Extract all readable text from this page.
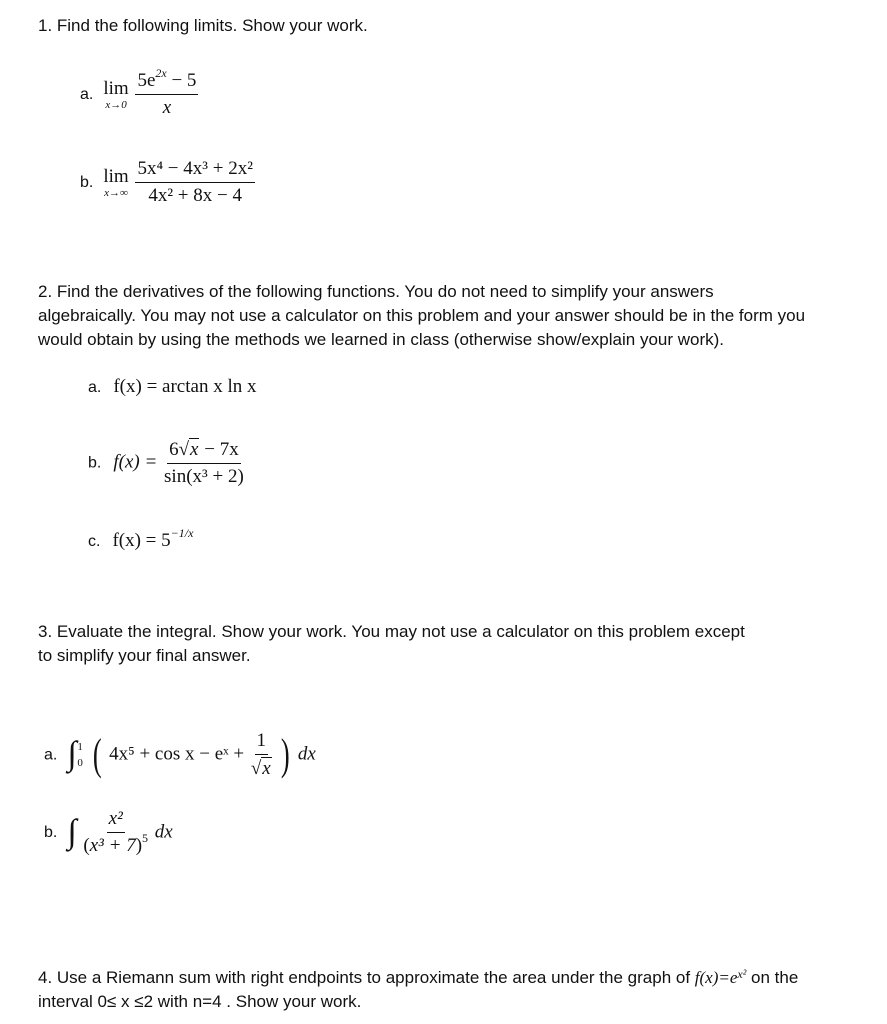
1. Find the following limits. Show your work.
a. lim
x→0
$\frac{5e^{2x} - 5}{x}$
b. lim
x→∞
$\frac{\text{5x⁴ − 4x³ + 2x²}}{\text{4x² + 8x − 4}}$
2. Find the derivatives of the following functions. You do not need to simplify your answers
algebraically. You may not use a calculator on this problem and your answer should be in the form you
would obtain by using the methods we learned in class (otherwise show/explain your work).
a. f(x) = arctan x ln x
b. $f(x) = \frac{6√ x - 7x}{\text{sin(x³ + 2)}}$
c. $f(x) = 5^{-1/x}$
3. Evaluate the integral. Show your work. You may not use a calculator on this problem except
to simplify your final answer.
a. ∫ 1
0 ( 4x⁵ + cos x − eˣ + $\frac{1}{√ x}$ ) dx
b. ∫ $\frac{\text{x²}}{(x^3 + 7)^5}$ dx
4. Use a Riemann sum with right endpoints to approximate the area under the graph of $f(x)=e^{x^2}$ on the
interval 0≤ x ≤2 with n=4 . Show your work.
